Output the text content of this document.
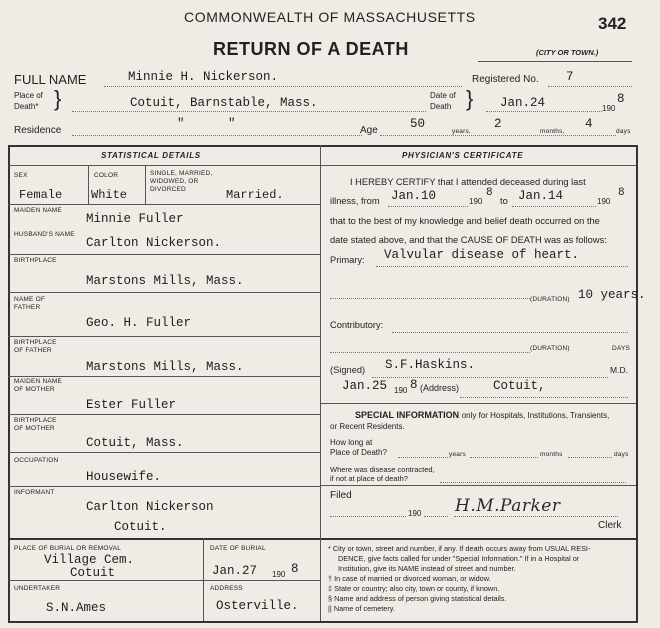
COMMONWEALTH OF MASSACHUSETTS	342
RETURN OF A DEATH	(CITY OR TOWN.)
FULL NAME	Minnie H. Nickerson.	Registered No. 7
Place of
Death* }	Cotuit, Barnstable, Mass.
Date of
Death } Jan.24	190
8
Residence	"	"	Age	50
years,
2
months,
4
days
STATISTICAL DETAILS	PHYSICIAN'S CERTIFICATE
SEX
Female
COLOR
White
SINGLE, MARRIED,
WIDOWED, OR
DIVORCED	Married.
MAIDEN NAME
Minnie Fuller
HUSBAND'S NAME
Carlton Nickerson.
BIRTHPLACE
Marstons Mills, Mass.
NAME OF
FATHER
Geo. H. Fuller
BIRTHPLACE
OF FATHER
Marstons Mills, Mass.
MAIDEN NAME
OF MOTHER
Ester Fuller
BIRTHPLACE
OF MOTHER
Cotuit, Mass.
OCCUPATION
Housewife.
INFORMANT
Carlton Nickerson
Cotuit.
I HEREBY CERTIFY that I attended deceased during last
illness, from Jan.10	190
8
to Jan.14	190
8
that to the best of my knowledge and belief death occurred on the
date stated above, and that the CAUSE OF DEATH was as follows:
Primary: Valvular disease of heart.
(DURATION) 10 years.
Contributory:
(DURATION)	DAYS
(Signed) S.F.Haskins.	M.D.
Jan.25 190 8 (Address)	Cotuit,
SPECIAL INFORMATION only for Hospitals, Institutions, Transients,
or Recent Residents.
How long at
Place of Death?	years	months	days
Where was disease contracted,
if not at place of death?
Filed
190 H.M.Parker
Clerk
PLACE OF BURIAL OR REMOVAL
Village Cem.
Cotuit
DATE OF BURIAL
Jan.27 190 8
UNDERTAKER
S.N.Ames
ADDRESS
Osterville.
* City or town, street and number, if any. If death occurs away from USUAL RESI-
DENCE, give facts called for under "Special Information." If in a Hospital or
Institution, give its NAME instead of street and number.
† In case of married or divorced woman, or widow.
‡ State or country; also city, town or county, if known.
§ Name and address of person giving statistical details.
|| Name of cemetery.
